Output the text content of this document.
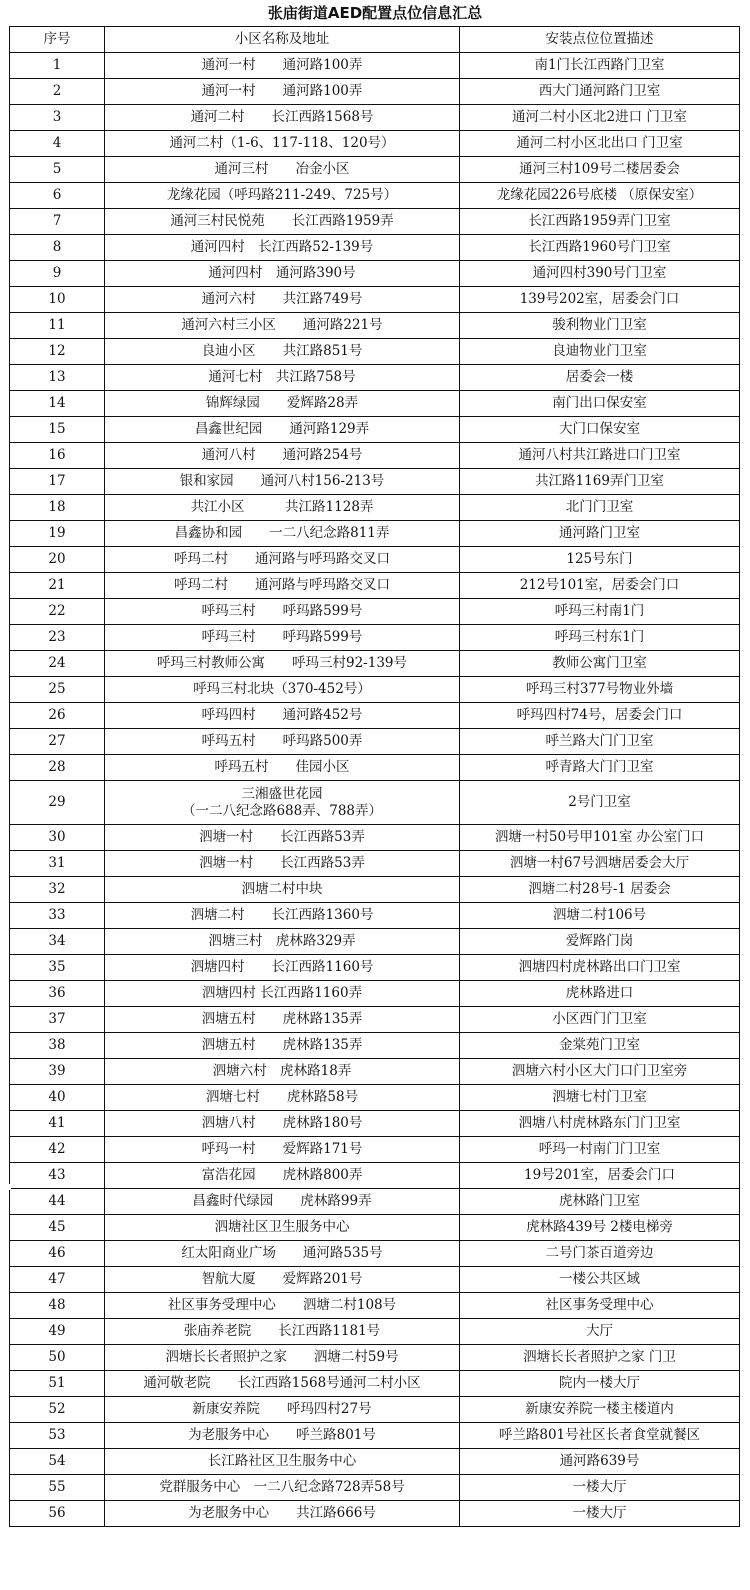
张庙街道AED配置点位信息汇总
序号	小区名称及地址	安装点位位置描述
1	通河一村　　通河路100弄	南1门长江西路门卫室
2	通河一村　　通河路100弄	西大门通河路门卫室
3	通河二村　　长江西路1568号	通河二村小区北2进口 门卫室
4	通河二村（1-6、117-118、120号）	通河二村小区北出口 门卫室
5	通河三村　　冶金小区	通河三村109号二楼居委会
6	龙缘花园（呼玛路211-249、725号）	龙缘花园226号底楼 （原保安室）
7	通河三村民悦苑　　长江西路1959弄	长江西路1959弄门卫室
8	通河四村　长江西路52-139号	长江西路1960号门卫室
9	通河四村　通河路390号	通河四村390号门卫室
10	通河六村　　共江路749号	139号202室，居委会门口
11	通河六村三小区　　通河路221号	骏利物业门卫室
12	良迪小区　　共江路851号	良迪物业门卫室
13	通河七村　共江路758号	居委会一楼
14	锦辉绿园　　爱辉路28弄	南门出口保安室
15	昌鑫世纪园　　通河路129弄	大门口保安室
16	通河八村　　通河路254号	通河八村共江路进口门卫室
17	银和家园　　通河八村156-213号	共江路1169弄门卫室
18	共江小区　　　共江路1128弄	北门门卫室
19	昌鑫协和园　　一二八纪念路811弄	通河路门卫室
20	呼玛二村　　通河路与呼玛路交叉口	125号东门
21	呼玛二村　　通河路与呼玛路交叉口	212号101室，居委会门口
22	呼玛三村　　呼玛路599号	呼玛三村南1门
23	呼玛三村　　呼玛路599号	呼玛三村东1门
24	呼玛三村教师公寓　　呼玛三村92-139号	教师公寓门卫室
25	呼玛三村北块（370-452号）	呼玛三村377号物业外墙
26	呼玛四村　　通河路452号	呼玛四村74号，居委会门口
27	呼玛五村　　呼玛路500弄	呼兰路大门门卫室
28	呼玛五村　　佳园小区	呼青路大门门卫室
29	三湘盛世花园
（一二八纪念路688弄、788弄）	2号门卫室
30	泗塘一村　　长江西路53弄	泗塘一村50号甲101室 办公室门口
31	泗塘一村　　长江西路53弄	泗塘一村67号泗塘居委会大厅
32	泗塘二村中块	泗塘二村28号-1 居委会
33	泗塘二村　　长江西路1360号	泗塘二村106号
34	泗塘三村　虎林路329弄	爱辉路门岗
35	泗塘四村　　长江西路1160号	泗塘四村虎林路出口门卫室
36	泗塘四村 长江西路1160弄	虎林路进口
37	泗塘五村　　虎林路135弄	小区西门门卫室
38	泗塘五村　　虎林路135弄	金棠苑门卫室
39	泗塘六村　虎林路18弄	泗塘六村小区大门口门卫室旁
40	泗塘七村　　虎林路58号	泗塘七村门卫室
41	泗塘八村　　虎林路180号	泗塘八村虎林路东门门卫室
42	呼玛一村　　爱辉路171号	呼玛一村南门门卫室
43	富浩花园　　虎林路800弄	19号201室，居委会门口
44	昌鑫时代绿园　　虎林路99弄	虎林路门卫室
45	泗塘社区卫生服务中心	虎林路439号 2楼电梯旁
46	红太阳商业广场　　通河路535号	二号门茶百道旁边
47	智航大厦　　爱辉路201号	一楼公共区域
48	社区事务受理中心　　泗塘二村108号	社区事务受理中心
49	张庙养老院　　长江西路1181号	大厅
50	泗塘长长者照护之家　　泗塘二村59号	泗塘长长者照护之家 门卫
51	通河敬老院　　长江西路1568号通河二村小区	院内一楼大厅
52	新康安养院　　呼玛四村27号	新康安养院一楼主楼道内
53	为老服务中心　　呼兰路801号	呼兰路801号社区长者食堂就餐区
54	长江路社区卫生服务中心	通河路639号
55	党群服务中心　一二八纪念路728弄58号	一楼大厅
56	为老服务中心　　共江路666号	一楼大厅
